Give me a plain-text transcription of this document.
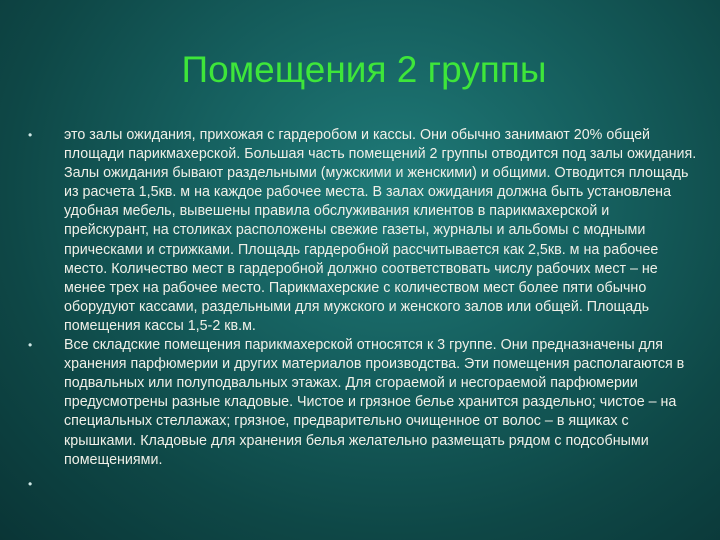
Помещения 2 группы
• это залы ожидания, прихожая с гардеробом и кассы. Они обычно занимают 20% общей площади парикмахерской. Большая часть помещений 2 группы отводится под залы ожидания. Залы ожидания бывают раздельными (мужскими и женскими) и общими. Отводится площадь из расчета 1,5кв. м на каждое рабочее места. В залах ожидания должна быть установлена удобная мебель, вывешены правила обслуживания клиентов в парикмахерской и прейскурант, на столиках расположены свежие газеты, журналы и альбомы с модными прическами и стрижками. Площадь гардеробной рассчитывается как 2,5кв. м на рабочее место. Количество мест в гардеробной должно соответствовать числу рабочих мест – не менее трех на рабочее место. Парикмахерские с количеством мест более пяти обычно оборудуют кассами, раздельными для мужского и женского залов или общей. Площадь помещения кассы 1,5-2 кв.м.
• Все складские помещения парикмахерской относятся к 3 группе. Они предназначены для хранения парфюмерии и других материалов производства. Эти помещения располагаются в подвальных или полуподвальных этажах. Для сгораемой и несгораемой парфюмерии предусмотрены разные кладовые. Чистое и грязное белье хранится раздельно; чистое – на специальных стеллажах; грязное, предварительно очищенное от волос – в ящиках с крышками. Кладовые для хранения белья желательно размещать рядом с подсобными помещениями.
•
